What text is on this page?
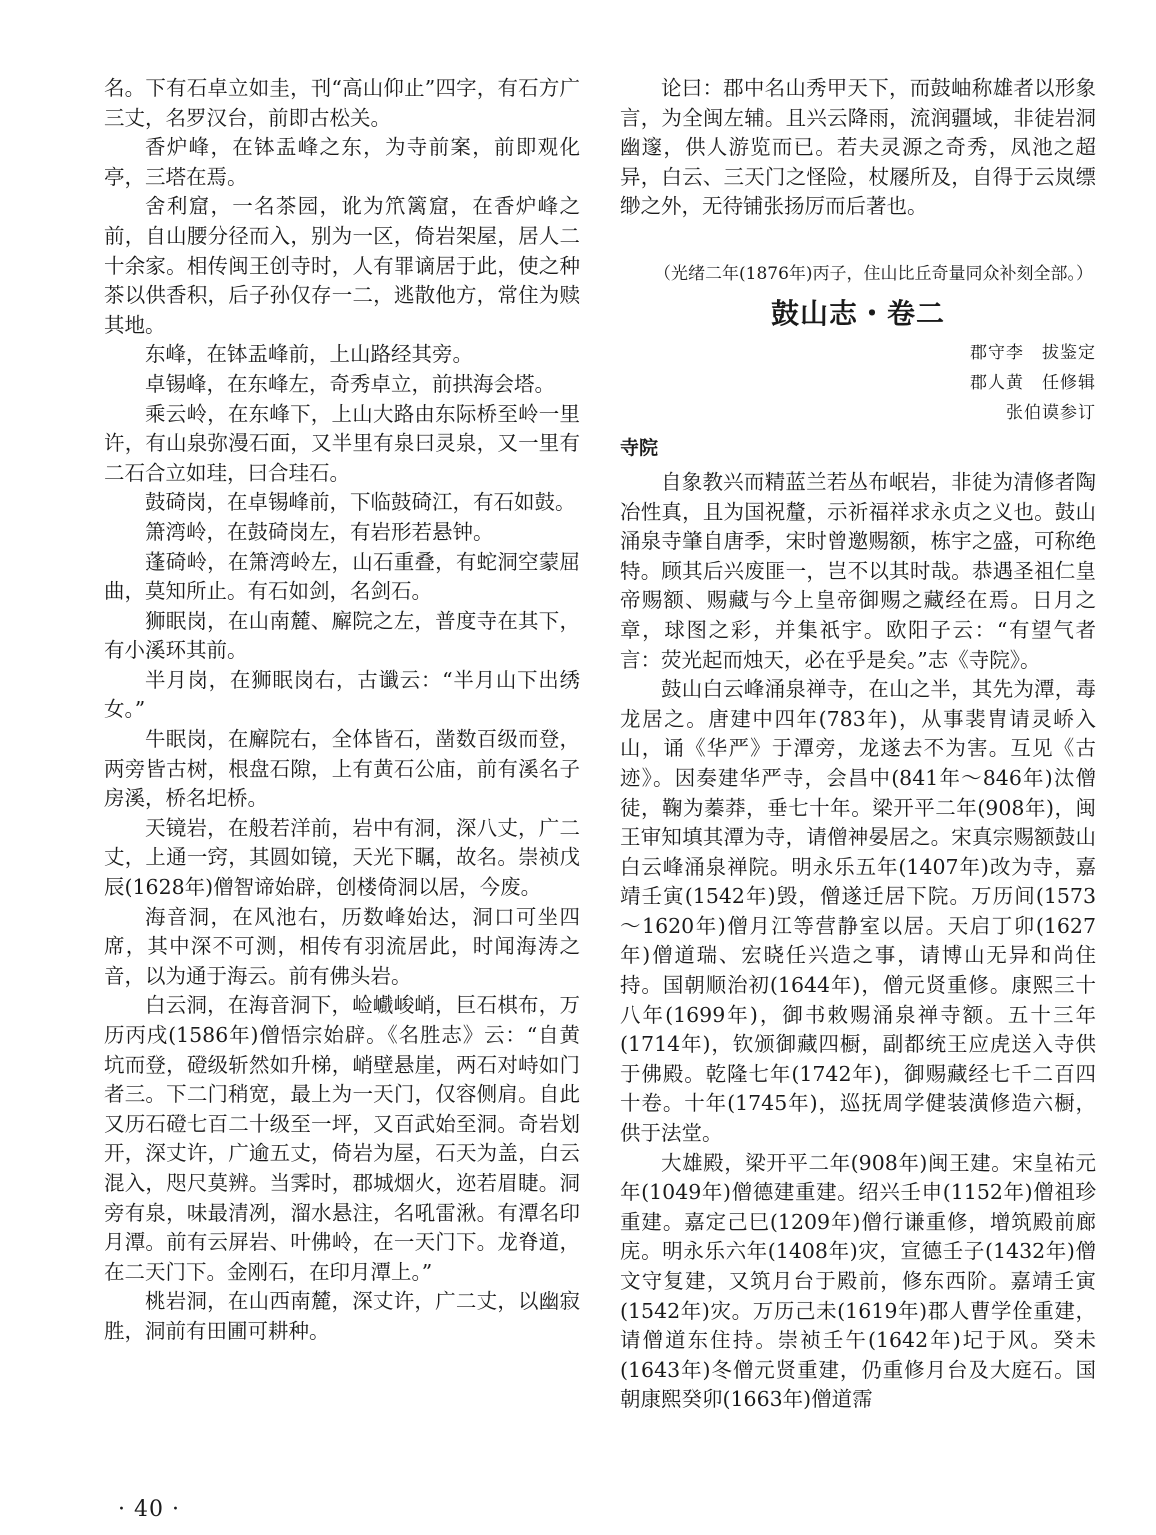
名。下有石卓立如圭，刊“高山仰止”四字，有石方广三丈，名罗汉台，前即古松关。

香炉峰，在钵盂峰之东，为寺前案，前即观化亭，三塔在焉。

舍利窟，一名茶园，讹为笊篱窟，在香炉峰之前，自山腰分径而入，别为一区，倚岩架屋，居人二十余家。相传闽王创寺时，人有罪谪居于此，使之种茶以供香积，后子孙仅存一二，逃散他方，常住为赎其地。

东峰，在钵盂峰前，上山路经其旁。

卓锡峰，在东峰左，奇秀卓立，前拱海会塔。

乘云岭，在东峰下，上山大路由东际桥至岭一里许，有山泉弥漫石面，又半里有泉曰灵泉，又一里有二石合立如珪，曰合珪石。

鼓碕岗，在卓锡峰前，下临鼓碕江，有石如鼓。

箫湾岭，在鼓碕岗左，有岩形若悬钟。

蓬碕岭，在箫湾岭左，山石重叠，有蛇洞空蒙屈曲，莫知所止。有石如剑，名剑石。

狮眠岗，在山南麓、廨院之左，普度寺在其下，有小溪环其前。

半月岗，在狮眠岗右，古谶云：“半月山下出绣女。”

牛眠岗，在廨院右，全体皆石，凿数百级而登，两旁皆古树，根盘石隙，上有黄石公庙，前有溪名子房溪，桥名圯桥。

天镜岩，在般若洋前，岩中有洞，深八丈，广二丈，上通一窍，其圆如镜，天光下瞩，故名。崇祯戊辰(1628年)僧智谛始辟，创楼倚洞以居，今废。

海音洞，在风池右，历数峰始达，洞口可坐四席，其中深不可测，相传有羽流居此，时闻海涛之音，以为通于海云。前有佛头岩。

白云洞，在海音洞下，崄巇峻峭，巨石棋布，万历丙戌(1586年)僧悟宗始辟。《名胜志》云：“自黄坑而登，磴级斩然如升梯，峭壁悬崖，两石对峙如门者三。下二门稍宽，最上为一天门，仅容侧肩。自此又历石磴七百二十级至一坪，又百武始至洞。奇岩划开，深丈许，广逾五丈，倚岩为屋，石天为盖，白云混入，咫尺莫辨。当霁时，郡城烟火，迩若眉睫。洞旁有泉，味最清冽，溜水悬注，名吼雷湫。有潭名印月潭。前有云屏岩、叶佛岭，在一天门下。龙脊道，在二天门下。金刚石，在印月潭上。”

桃岩洞，在山西南麓，深丈许，广二丈，以幽寂胜，洞前有田圃可耕种。

论曰：郡中名山秀甲天下，而鼓岫称雄者以形象言，为全闽左辅。且兴云降雨，流润疆域，非徒岩洞幽邃，供人游览而已。若夫灵源之奇秀，凤池之超异，白云、三天门之怪险，杖屦所及，自得于云岚缥缈之外，无待铺张扬厉而后著也。

（光绪二年(1876年)丙子，住山比丘奇量同众补刻全部。）

鼓山志・卷二
郡守李　拔鉴定
郡人黄　任修辑
张伯谟参订
寺院

自象教兴而精蓝兰若丛布岷岩，非徒为清修者陶冶性真，且为国祝釐，示祈福祥求永贞之义也。鼓山涌泉寺肇自唐季，宋时曾邀赐额，栋宇之盛，可称绝特。顾其后兴废匪一，岂不以其时哉。恭遇圣祖仁皇帝赐额、赐藏与今上皇帝御赐之藏经在焉。日月之章，球图之彩，并集祇宇。欧阳子云：“有望气者言：荧光起而烛天，必在乎是矣。”志《寺院》。

鼓山白云峰涌泉禅寺，在山之半，其先为潭，毒龙居之。唐建中四年(783年)，从事裴胄请灵峤入山，诵《华严》于潭旁，龙遂去不为害。互见《古迹》。因奏建华严寺，会昌中(841年～846年)汰僧徒，鞠为蓁莽，垂七十年。梁开平二年(908年)，闽王审知填其潭为寺，请僧神晏居之。宋真宗赐额鼓山白云峰涌泉禅院。明永乐五年(1407年)改为寺，嘉靖壬寅(1542年)毁，僧遂迁居下院。万历间(1573～1620年)僧月江等营静室以居。天启丁卯(1627年)僧道瑞、宏晓任兴造之事，请博山无异和尚住持。国朝顺治初(1644年)，僧元贤重修。康熙三十八年(1699年)，御书敕赐涌泉禅寺额。五十三年(1714年)，钦颁御藏四橱，副都统王应虎送入寺供于佛殿。乾隆七年(1742年)，御赐藏经七千二百四十卷。十年(1745年)，巡抚周学健装潢修造六橱，供于法堂。

大雄殿，梁开平二年(908年)闽王建。宋皇祐元年(1049年)僧德建重建。绍兴壬申(1152年)僧祖珍重建。嘉定己巳(1209年)僧行谦重修，增筑殿前廊庑。明永乐六年(1408年)灾，宣德壬子(1432年)僧文守复建，又筑月台于殿前，修东西阶。嘉靖壬寅(1542年)灾。万历己未(1619年)郡人曹学佺重建，请僧道东住持。崇祯壬午(1642年)圮于风。癸未(1643年)冬僧元贤重建，仍重修月台及大庭石。国朝康熙癸卯(1663年)僧道霈

· 40 ·
